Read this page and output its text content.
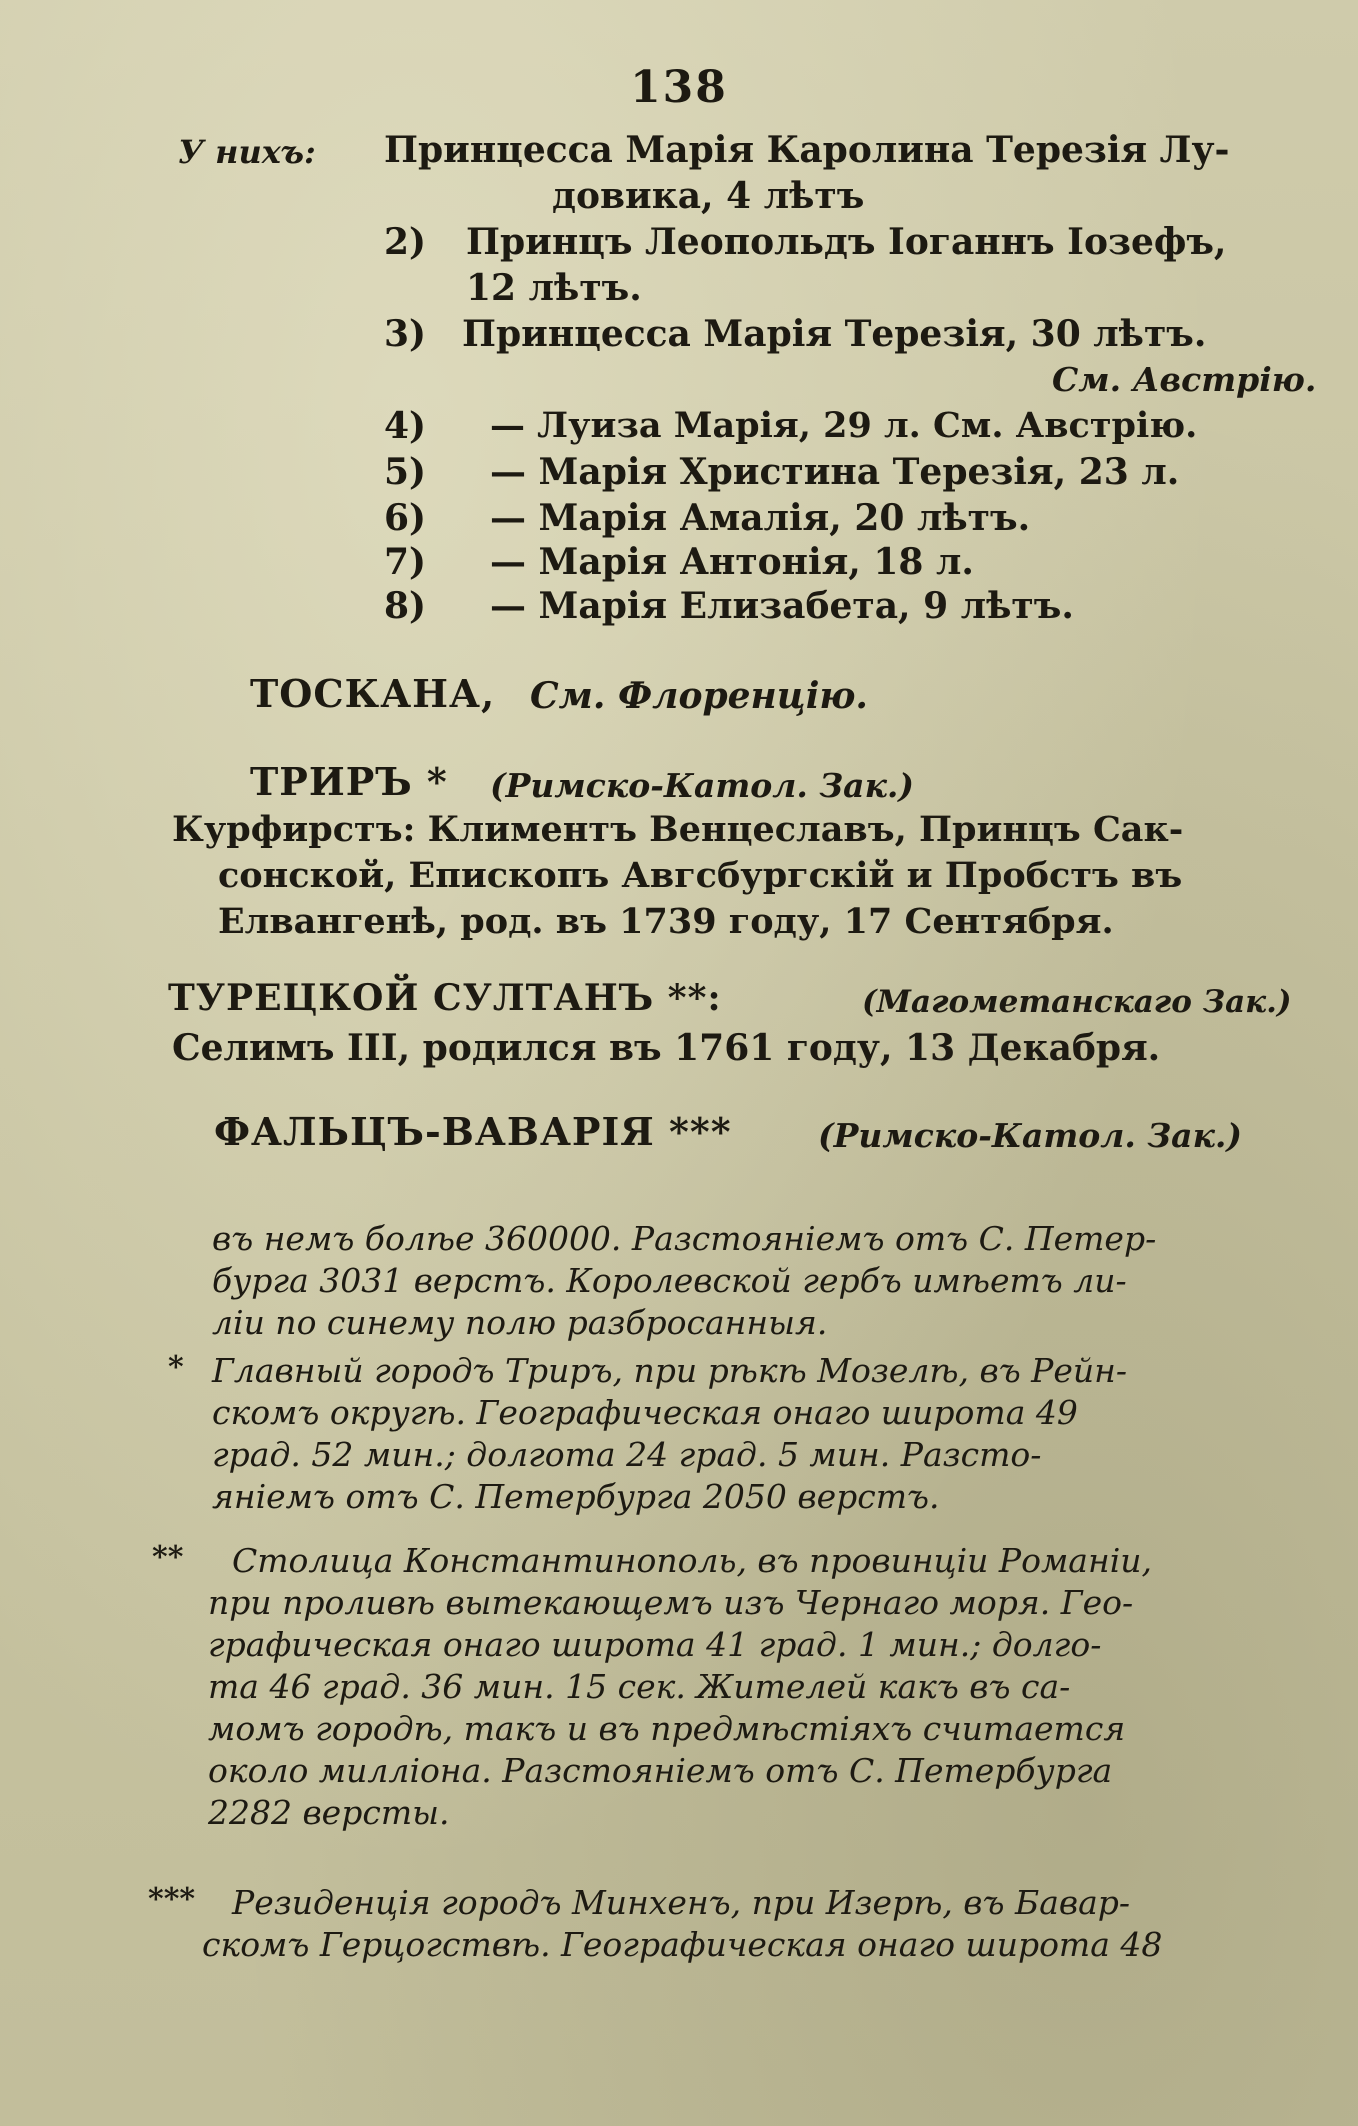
138
У нихъ: Принцесса Марія Каролина Терезія Лу-
довика, 4 лѣтъ
2) Принцъ Леопольдъ Іоганнъ Іозефъ,
12 лѣтъ.
3) Принцесса Марія Терезія, 30 лѣтъ.
См. Австрію.
4) — Луиза Марія, 29 л. См. Австрію.
5) — Марія Христина Терезія, 23 л.
6) — Марія Амалія, 20 лѣтъ.
7) — Марія Антонія, 18 л.
8) — Марія Елизабета, 9 лѣтъ.
ТОСКАНА, См. Флоренцію.
ТРИРЪ * (Римско-Катол. Зак.)
Курфирстъ: Климентъ Венцеславъ, Принцъ Сак-
сонской, Епископъ Авгсбургскій и Пробстъ въ
Елвангенѣ, род. въ 1739 году, 17 Сентября.
ТУРЕЦКОЙ СУЛТАНЪ **:	(Магометанскаго Зак.)
Селимъ III, родился въ 1761 году, 13 Декабря.
ФАЛЬЦЪ-ВАВАРІЯ ***	(Римско-Катол. Зак.)
въ немъ болѣе 360000. Разстояніемъ отъ С. Петер-
бурга 3031 верстъ. Королевской гербъ имѣетъ ли-
ліи по синему полю разбросанныя.
* Главный городъ Триръ, при рѣкѣ Мозелѣ, въ Рейн-
скомъ округѣ. Географическая онаго широта 49
град. 52 мин.; долгота 24 град. 5 мин. Разсто-
яніемъ отъ С. Петербурга 2050 верстъ.
** Столица Константинополь, въ провинціи Романіи,
при проливѣ вытекающемъ изъ Чернаго моря. Гео-
графическая онаго широта 41 град. 1 мин.; долго-
та 46 град. 36 мин. 15 сек. Жителей какъ въ са-
момъ городѣ, такъ и въ предмѣстіяхъ считается
около милліона. Разстояніемъ отъ С. Петербурга
2282 версты.
*** Резиденція городъ Минхенъ, при Изерѣ, въ Бавар-
скомъ Герцогствѣ. Географическая онаго широта 48
